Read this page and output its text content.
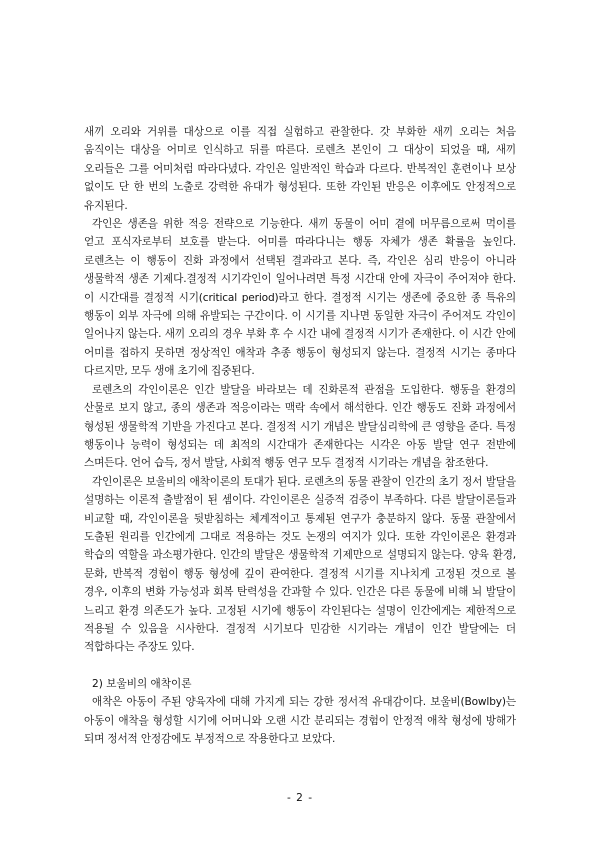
새끼 오리와 거위를 대상으로 이를 직접 실험하고 관찰한다. 갓 부화한 새끼 오리는 처음 움직이는 대상을 어미로 인식하고 뒤를 따른다. 로렌츠 본인이 그 대상이 되었을 때, 새끼 오리들은 그를 어미처럼 따라다녔다. 각인은 일반적인 학습과 다르다. 반복적인 훈련이나 보상 없이도 단 한 번의 노출로 강력한 유대가 형성된다. 또한 각인된 반응은 이후에도 안정적으로 유지된다.

각인은 생존을 위한 적응 전략으로 기능한다. 새끼 동물이 어미 곁에 머무름으로써 먹이를 얻고 포식자로부터 보호를 받는다. 어미를 따라다니는 행동 자체가 생존 확률을 높인다. 로렌츠는 이 행동이 진화 과정에서 선택된 결과라고 본다. 즉, 각인은 심리 반응이 아니라 생물학적 생존 기제다.결정적 시기각인이 일어나려면 특정 시간대 안에 자극이 주어져야 한다. 이 시간대를 결정적 시기(critical period)라고 한다. 결정적 시기는 생존에 중요한 종 특유의 행동이 외부 자극에 의해 유발되는 구간이다. 이 시기를 지나면 동일한 자극이 주어져도 각인이 일어나지 않는다. 새끼 오리의 경우 부화 후 수 시간 내에 결정적 시기가 존재한다. 이 시간 안에 어미를 접하지 못하면 정상적인 애착과 추종 행동이 형성되지 않는다. 결정적 시기는 종마다 다르지만, 모두 생애 초기에 집중된다.

로렌츠의 각인이론은 인간 발달을 바라보는 데 진화론적 관점을 도입한다. 행동을 환경의 산물로 보지 않고, 종의 생존과 적응이라는 맥락 속에서 해석한다. 인간 행동도 진화 과정에서 형성된 생물학적 기반을 가진다고 본다. 결정적 시기 개념은 발달심리학에 큰 영향을 준다. 특정 행동이나 능력이 형성되는 데 최적의 시간대가 존재한다는 시각은 아동 발달 연구 전반에 스며든다. 언어 습득, 정서 발달, 사회적 행동 연구 모두 결정적 시기라는 개념을 참조한다.

각인이론은 보울비의 애착이론의 토대가 된다. 로렌츠의 동물 관찰이 인간의 초기 정서 발달을 설명하는 이론적 출발점이 된 셈이다. 각인이론은 실증적 검증이 부족하다. 다른 발달이론들과 비교할 때, 각인이론을 뒷받침하는 체계적이고 통제된 연구가 충분하지 않다. 동물 관찰에서 도출된 원리를 인간에게 그대로 적용하는 것도 논쟁의 여지가 있다. 또한 각인이론은 환경과 학습의 역할을 과소평가한다. 인간의 발달은 생물학적 기제만으로 설명되지 않는다. 양육 환경, 문화, 반복적 경험이 행동 형성에 깊이 관여한다. 결정적 시기를 지나치게 고정된 것으로 볼 경우, 이후의 변화 가능성과 회복 탄력성을 간과할 수 있다. 인간은 다른 동물에 비해 뇌 발달이 느리고 환경 의존도가 높다. 고정된 시기에 행동이 각인된다는 설명이 인간에게는 제한적으로 적용될 수 있음을 시사한다. 결정적 시기보다 민감한 시기라는 개념이 인간 발달에는 더 적합하다는 주장도 있다.

2) 보울비의 애착이론

애착은 아동이 주된 양육자에 대해 가지게 되는 강한 정서적 유대감이다. 보울비(Bowlby)는 아동이 애착을 형성할 시기에 어머니와 오랜 시간 분리되는 경험이 안정적 애착 형성에 방해가 되며 정서적 안정감에도 부정적으로 작용한다고 보았다.

- 2 -
